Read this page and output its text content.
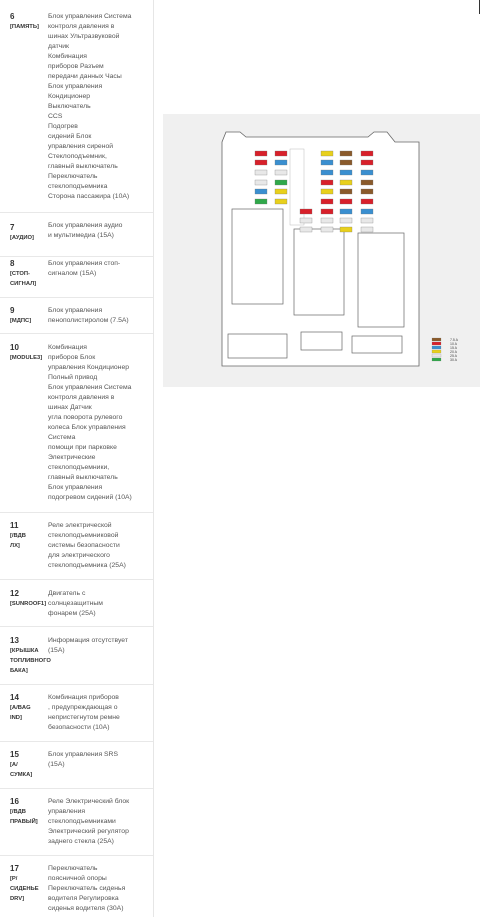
6
[ПАМЯТЬ]
Блок управления Система
контроля давления в
шинах Ультразвуковой
датчик
Комбинация
приборов Разъем
передачи данных Часы
Блок управления
Кондиционер
Выключатель
CCS
Подогрев
сидений Блок
управления сиреной
Стеклоподъемник,
главный выключатель
Переключатель
стеклоподъемника
Сторона пассажира (10А)
7
[АУДИО]
Блок управления аудио
и мультимедиа (15А)
8
[СТОП-
СИГНАЛ]
Блок управления стоп-
сигналом (15А)
9
[МДПС]
Блок управления
пенополистиролом (7.5А)
10
[MODULE3]
Комбинация
приборов Блок
управления Кондиционер
Полный привод
Блок управления Система
контроля давления в
шинах Датчик
угла поворота рулевого
колеса Блок управления
Система
помощи при парковке
Электрические
стеклоподъемники,
главный выключатель
Блок управления
подогревом сидений (10А)
11
[/ВДВ
ЛХ]
Реле электрической
стеклоподъемниковой
системы безопасности
для электрического
стеклоподъемника (25А)
12
[SUNROOF1]
Двигатель с
солнцезащитным
фонарем (25А)
13
[КРЫШКА
ТОПЛИВНОГО
БАКА]
Информация отсутствует
(15А)
14
[A/BAG
IND]
Комбинация приборов
, предупреждающая о
непристегнутом ремне
безопасности (10А)
15
[A/
СУМКА]
Блок управления SRS
(15А)
16
[/ВДВ
ПРАВЫЙ]
Реле Электрический блок
управления
стеклоподъемниками
Электрический регулятор
заднего стекла (25А)
17
[P/
СИДЕНЬЕ
DRV]
Переключатель
поясничной опоры
Переключатель сиденья
водителя Регулировка
сиденья водителя (30А)
7.5 A
10 A
15 A
20 A
25 A
30 A
